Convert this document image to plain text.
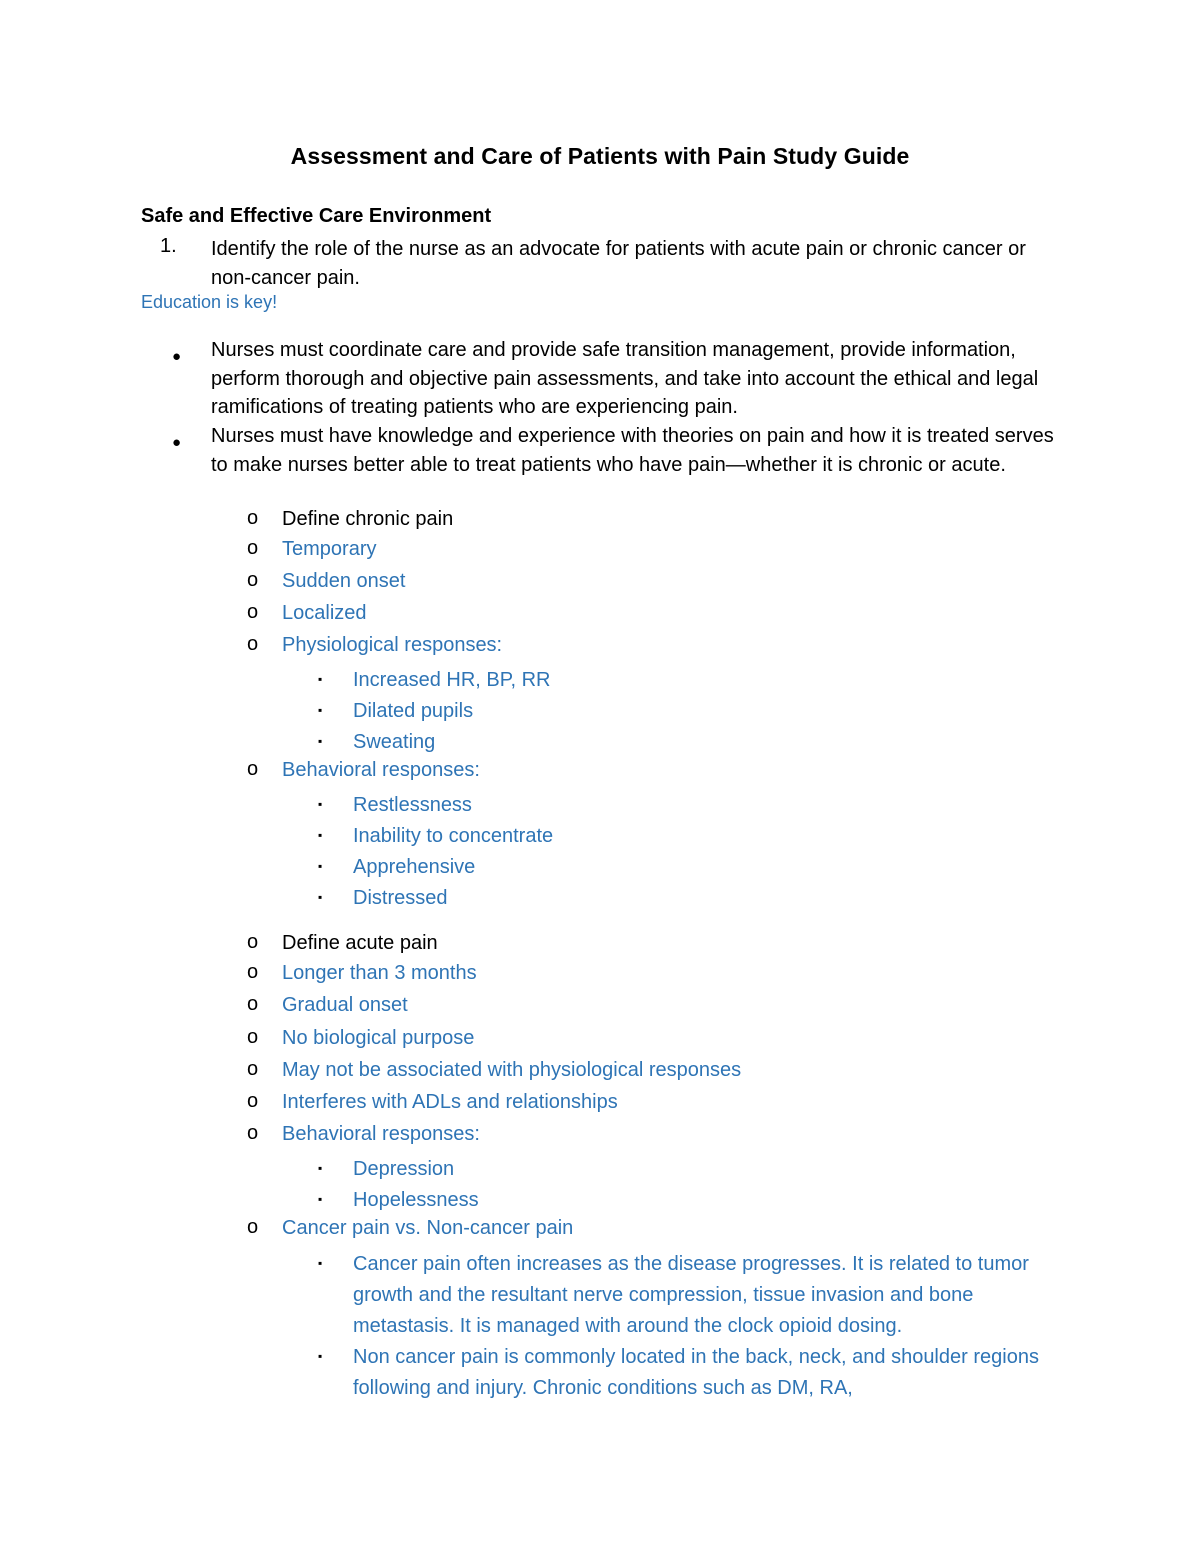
Assessment and Care of Patients with Pain Study Guide
Safe and Effective Care Environment
1. Identify the role of the nurse as an advocate for patients with acute pain or chronic cancer or non-cancer pain.
Education is key!
● Nurses must coordinate care and provide safe transition management, provide information, perform thorough and objective pain assessments, and take into account the ethical and legal ramifications of treating patients who are experiencing pain.
● Nurses must have knowledge and experience with theories on pain and how it is treated serves to make nurses better able to treat patients who have pain—whether it is chronic or acute.
o Define chronic pain
o Temporary
o Sudden onset
o Localized
o Physiological responses:
▪ Increased HR, BP, RR
▪ Dilated pupils
▪ Sweating
o Behavioral responses:
▪ Restlessness
▪ Inability to concentrate
▪ Apprehensive
▪ Distressed
o Define acute pain
o Longer than 3 months
o Gradual onset
o No biological purpose
o May not be associated with physiological responses
o Interferes with ADLs and relationships
o Behavioral responses:
▪ Depression
▪ Hopelessness
o Cancer pain vs. Non-cancer pain
▪ Cancer pain often increases as the disease progresses. It is related to tumor growth and the resultant nerve compression, tissue invasion and bone metastasis. It is managed with around the clock opioid dosing.
▪ Non cancer pain is commonly located in the back, neck, and shoulder regions following and injury. Chronic conditions such as DM, RA,
